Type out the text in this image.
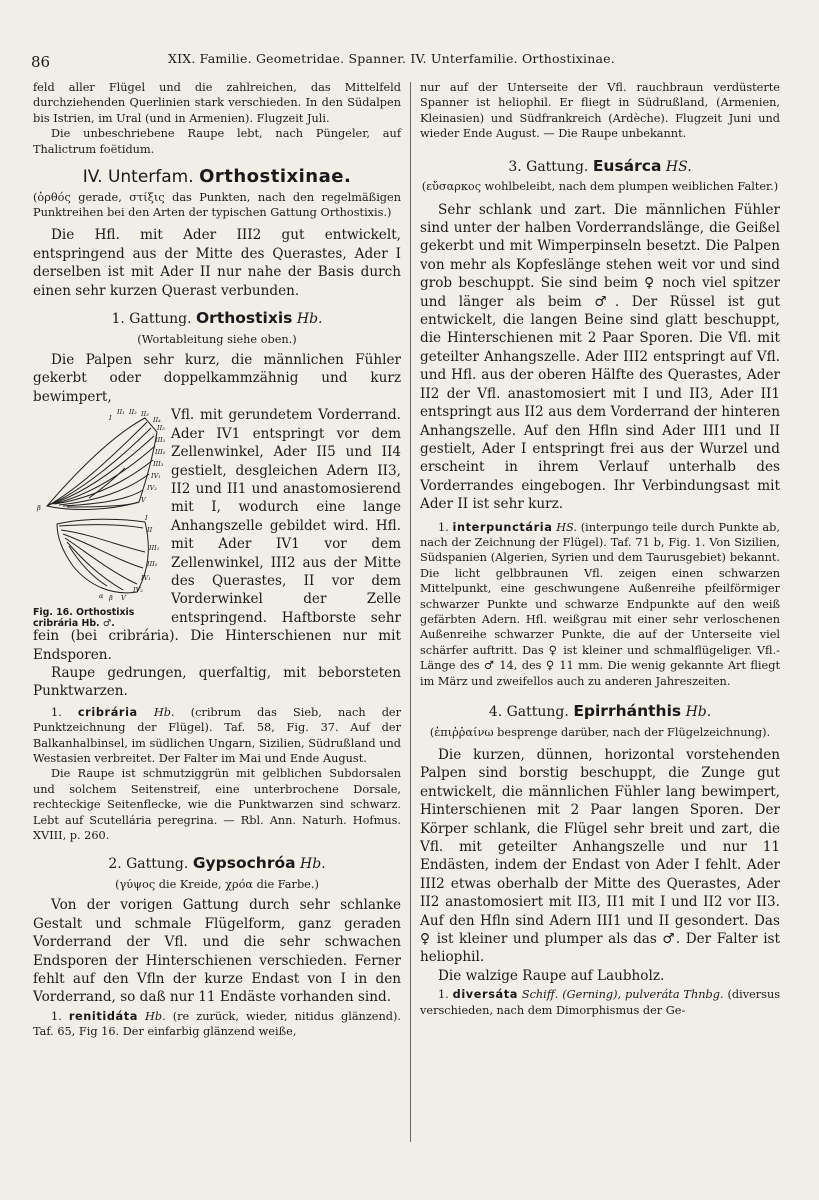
86	XIX. Familie. Geometridae. Spanner. IV. Unterfamilie. Orthostixinae.

feld aller Flügel und die zahlreichen, das Mittelfeld durchziehenden Querlinien stark verschieden. In den Südalpen bis Istrien, im Ural (und in Armenien). Flugzeit Juli.

Die unbeschriebene Raupe lebt, nach Püngeler, auf Thalictrum foëtidum.

IV. Unterfam. Orthostixinae.

(ὀρθός gerade, στίξις das Punkten, nach den regelmäßigen Punktreihen bei den Arten der typischen Gattung Orthostixis.)

Die Hfl. mit Ader III2 gut entwickelt, entspringend aus der Mitte des Querastes, Ader I derselben ist mit Ader II nur nahe der Basis durch einen sehr kurzen Querast verbunden.

1. Gattung. Orthostixis Hb.

(Wortableitung siehe oben.)

Die Palpen sehr kurz, die männlichen Fühler gekerbt oder doppelkammzähnig und kurz bewimpert,

II₁ II₂ II₃
II₄
II₅
I
III₁
III₂
III₃
IV₁
IV₂
V
β
I
II
III₁
III₂
IV₁
IV₂
V
α β
Fig. 16. Orthostixis cribrária Hb. ♂.

Vfl. mit gerundetem Vorderrand. Ader IV1 entspringt vor dem Zellenwinkel, Ader II5 und II4 gestielt, desgleichen Adern II3, II2 und II1 und anastomosierend mit I, wodurch eine lange Anhangszelle gebildet wird. Hfl. mit Ader IV1 vor dem Zellenwinkel, III2 aus der Mitte des Querastes, II vor dem Vorderwinkel der Zelle entspringend. Haftborste sehr fein (bei cribrária). Die Hinterschienen nur mit Endsporen.

Raupe gedrungen, querfaltig, mit beborsteten Punktwarzen.

1. cribrária Hb. (cribrum das Sieb, nach der Punktzeichnung der Flügel). Taf. 58, Fig. 37. Auf der Balkanhalbinsel, im südlichen Ungarn, Sizilien, Südrußland und Westasien verbreitet. Der Falter im Mai und Ende August.

Die Raupe ist schmutziggrün mit gelblichen Subdorsalen und solchem Seitenstreif, eine unterbrochene Dorsale, rechteckige Seitenflecke, wie die Punktwarzen sind schwarz. Lebt auf Scutellária peregrina. — Rbl. Ann. Naturh. Hofmus. XVIII, p. 260.

2. Gattung. Gypsochróa Hb.

(γύψος die Kreide, χρόα die Farbe.)

Von der vorigen Gattung durch sehr schlanke Gestalt und schmale Flügelform, ganz geraden Vorderrand der Vfl. und die sehr schwachen Endsporen der Hinterschienen verschieden. Ferner fehlt auf den Vfln der kurze Endast von I in den Vorderrand, so daß nur 11 Endäste vorhanden sind.

1. renitidáta Hb. (re zurück, wieder, nitidus glänzend). Taf. 65, Fig 16. Der einfarbig glänzend weiße,

nur auf der Unterseite der Vfl. rauchbraun verdüsterte Spanner ist heliophil. Er fliegt in Südrußland, (Armenien, Kleinasien) und Südfrankreich (Ardèche). Flugzeit Juni und wieder Ende August. — Die Raupe unbekannt.

3. Gattung. Eusárca HS.

(εὔσαρκος wohlbeleibt, nach dem plumpen weiblichen Falter.)

Sehr schlank und zart. Die männlichen Fühler sind unter der halben Vorderrandslänge, die Geißel gekerbt und mit Wimperpinseln besetzt. Die Palpen von mehr als Kopfeslänge stehen weit vor und sind grob beschuppt. Sie sind beim ♀ noch viel spitzer und länger als beim ♂. Der Rüssel ist gut entwickelt, die langen Beine sind glatt beschuppt, die Hinterschienen mit 2 Paar Sporen. Die Vfl. mit geteilter Anhangszelle. Ader III2 entspringt auf Vfl. und Hfl. aus der oberen Hälfte des Querastes, Ader II2 der Vfl. anastomosiert mit I und II3, Ader II1 entspringt aus II2 aus dem Vorderrand der hinteren Anhangszelle. Auf den Hfln sind Ader III1 und II gestielt, Ader I entspringt frei aus der Wurzel und erscheint in ihrem Verlauf unterhalb des Vorderrandes eingebogen. Ihr Verbindungsast mit Ader II ist sehr kurz.

1. interpunctária HS. (interpungo teile durch Punkte ab, nach der Zeichnung der Flügel). Taf. 71 b, Fig. 1. Von Sizilien, Südspanien (Algerien, Syrien und dem Taurusgebiet) bekannt. Die licht gelbbraunen Vfl. zeigen einen schwarzen Mittelpunkt, eine geschwungene Außenreihe pfeilförmiger schwarzer Punkte und schwarze Endpunkte auf den weiß gefärbten Adern. Hfl. weißgrau mit einer sehr verloschenen Außenreihe schwarzer Punkte, die auf der Unterseite viel schärfer auftritt. Das ♀ ist kleiner und schmalflügeliger. Vfl.-Länge des ♂ 14, des ♀ 11 mm. Die wenig gekannte Art fliegt im März und zweifellos auch zu anderen Jahreszeiten.

4. Gattung. Epirrhánthis Hb.

(ἐπιῤῥαίνω besprenge darüber, nach der Flügelzeichnung).

Die kurzen, dünnen, horizontal vorstehenden Palpen sind borstig beschuppt, die Zunge gut entwickelt, die männlichen Fühler lang bewimpert, Hinterschienen mit 2 Paar langen Sporen. Der Körper schlank, die Flügel sehr breit und zart, die Vfl. mit geteilter Anhangszelle und nur 11 Endästen, indem der Endast von Ader I fehlt. Ader III2 etwas oberhalb der Mitte des Querastes, Ader II2 anastomosiert mit II3, II1 mit I und II2 vor II3. Auf den Hfln sind Adern III1 und II gesondert. Das ♀ ist kleiner und plumper als das ♂. Der Falter ist heliophil.

Die walzige Raupe auf Laubholz.

1. diversáta Schiff. (Gerning), pulveráta Thnbg. (diversus verschieden, nach dem Dimorphismus der Ge-
